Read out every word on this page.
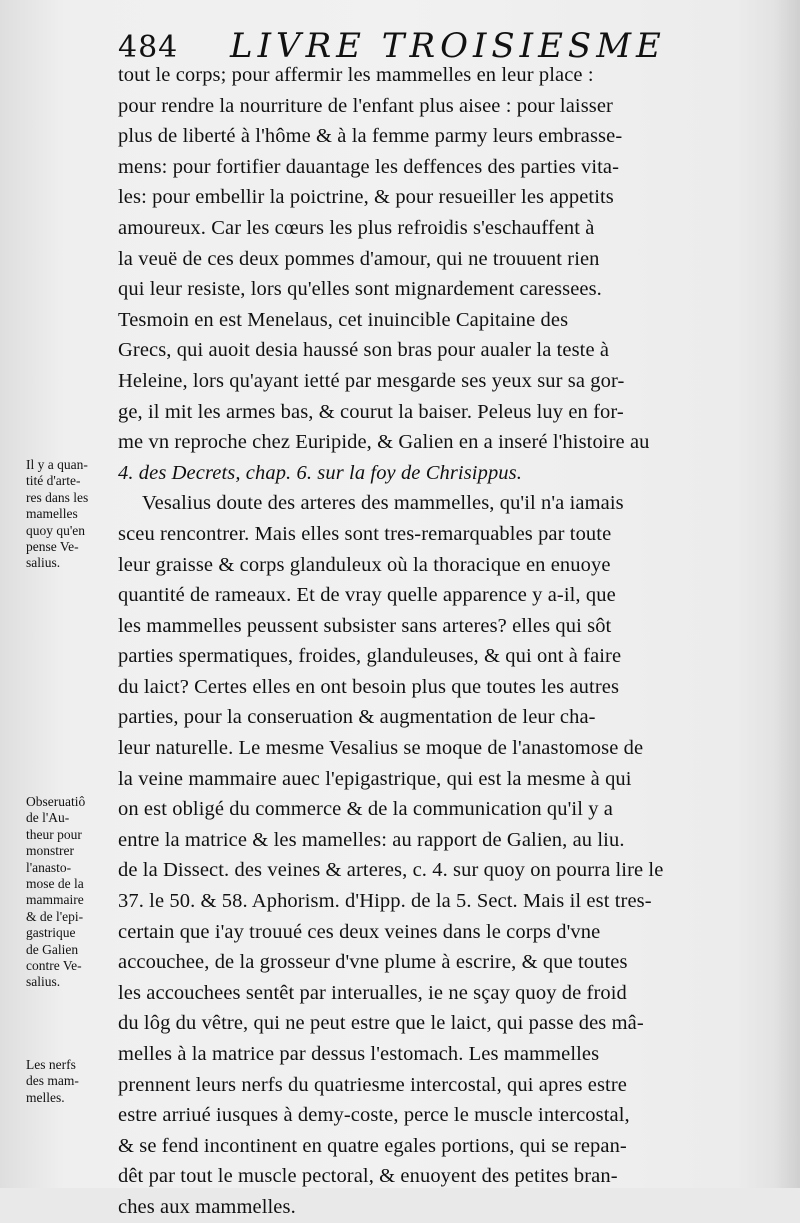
484 LIVRE TROISIESME
tout le corps; pour affermir les mammelles en leur place :
pour rendre la nourriture de l'enfant plus aisee : pour laisser
plus de liberté à l'hôme & à la femme parmy leurs embrasse-
mens: pour fortifier dauantage les deffences des parties vita-
les: pour embellir la poictrine, & pour resueiller les appetits
amoureux. Car les cœurs les plus refroidis s'eschauffent à
la veuë de ces deux pommes d'amour, qui ne trouuent rien
qui leur resiste, lors qu'elles sont mignardement caressees.
Tesmoin en est Menelaus, cet inuincible Capitaine des
Grecs, qui auoit desia haussé son bras pour aualer la teste à
Heleine, lors qu'ayant ietté par mesgarde ses yeux sur sa gor-
ge, il mit les armes bas, & courut la baiser. Peleus luy en for-
me vn reproche chez Euripide, & Galien en a inseré l'histoire au
4. des Decrets, chap. 6. sur la foy de Chrisippus.
Vesalius doute des arteres des mammelles, qu'il n'a iamais
sceu rencontrer. Mais elles sont tres-remarquables par toute
leur graisse & corps glanduleux où la thoracique en enuoye
quantité de rameaux. Et de vray quelle apparence y a-il, que
les mammelles peussent subsister sans arteres? elles qui sôt
parties spermatiques, froides, glanduleuses, & qui ont à faire
du laict? Certes elles en ont besoin plus que toutes les autres
parties, pour la conseruation & augmentation de leur cha-
leur naturelle. Le mesme Vesalius se moque de l'anastomose de
la veine mammaire auec l'epigastrique, qui est la mesme à qui
on est obligé du commerce & de la communication qu'il y a
entre la matrice & les mamelles: au rapport de Galien, au liu.
de la Dissect. des veines & arteres, c. 4. sur quoy on pourra lire le
37. le 50. & 58. Aphorism. d'Hipp. de la 5. Sect. Mais il est tres-
certain que i'ay trouué ces deux veines dans le corps d'vne
accouchee, de la grosseur d'vne plume à escrire, & que toutes
les accouchees sentêt par interualles, ie ne sçay quoy de froid
du lôg du vêtre, qui ne peut estre que le laict, qui passe des mâ-
melles à la matrice par dessus l'estomach. Les mammelles
prennent leurs nerfs du quatriesme intercostal, qui apres estre
estre arriué iusques à demy-coste, perce le muscle intercostal,
& se fend incontinent en quatre egales portions, qui se repan-
dêt par tout le muscle pectoral, & enuoyent des petites bran-
ches aux mammelles.
Il y a quan-
tité d'arte-
res dans les
mamelles
quoy qu'en
pense Ve-
salius.
Obseruatiô
de l'Au-
theur pour
monstrer
l'anasto-
mose de la
mammaire
& de l'epi-
gastrique
de Galien
contre Ve-
salius.
Les nerfs
des mam-
melles.
